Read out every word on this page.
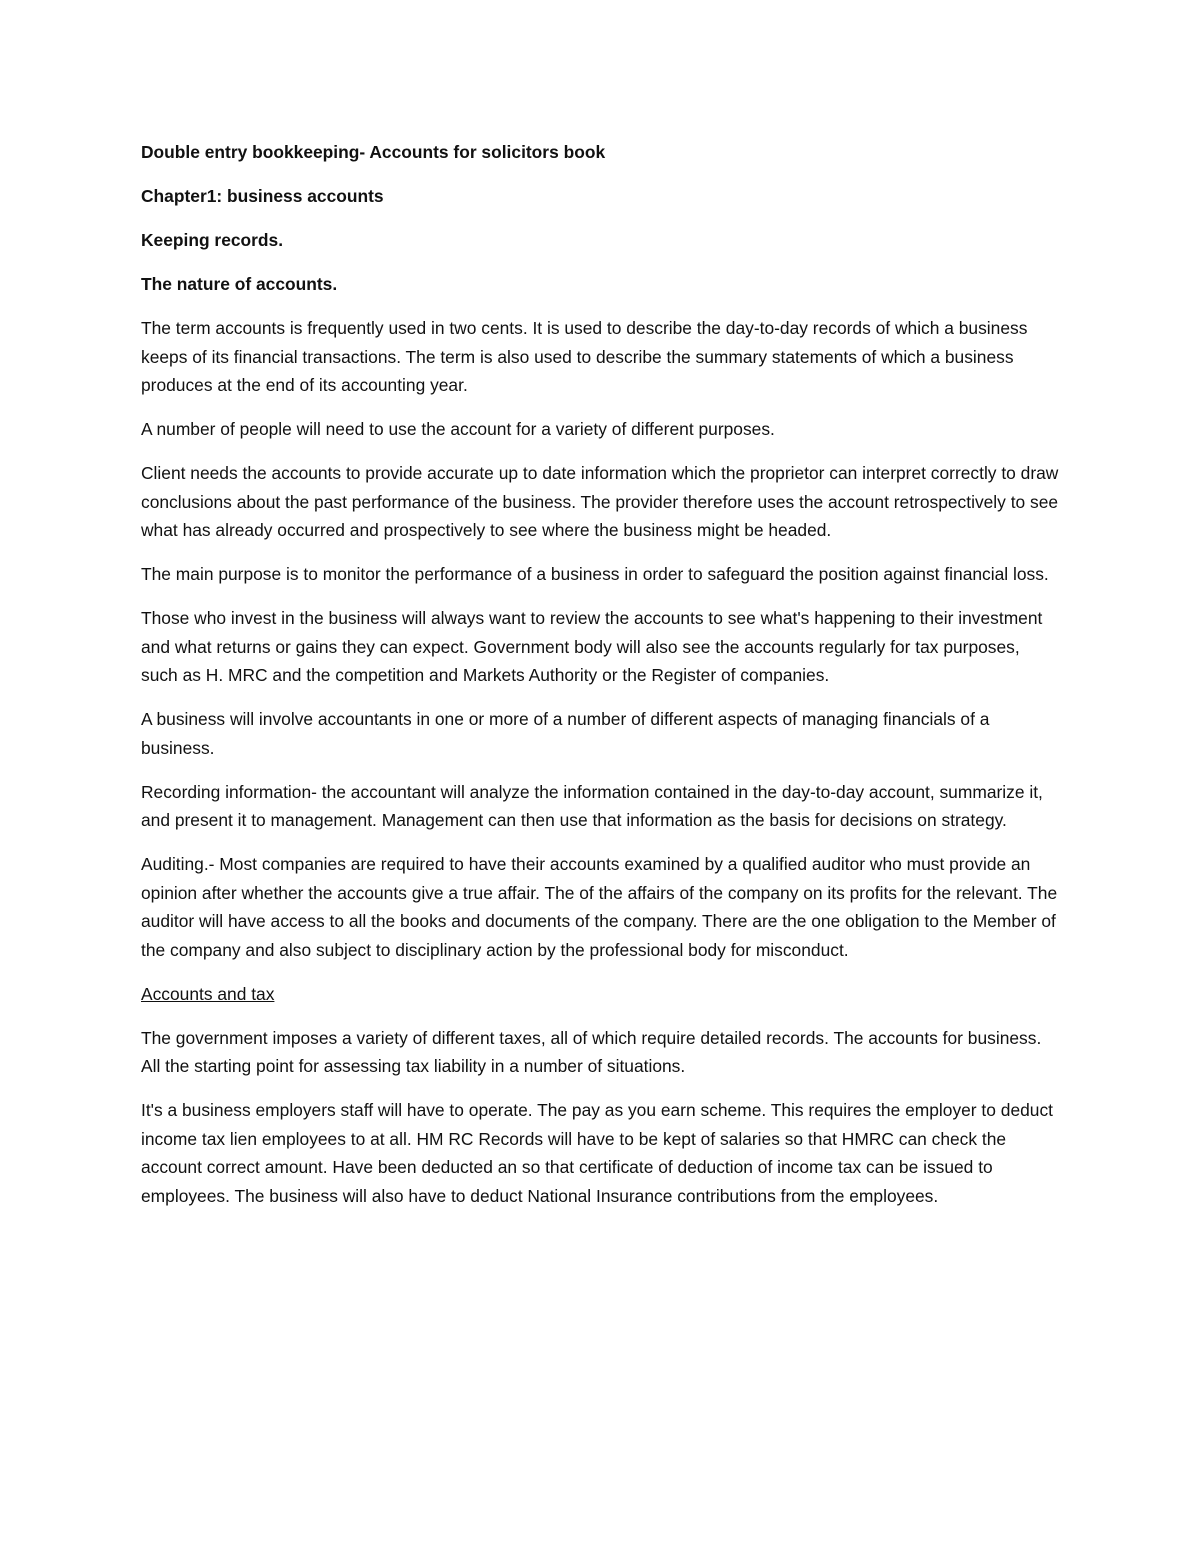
Double entry bookkeeping- Accounts for solicitors book

Chapter1: business accounts

Keeping records.

The nature of accounts.

The term accounts is frequently used in two cents. It is used to describe the day-to-day records of which a business keeps of its financial transactions. The term is also used to describe the summary statements of which a business produces at the end of its accounting year.

A number of people will need to use the account for a variety of different purposes.

Client needs the accounts to provide accurate up to date information which the proprietor can interpret correctly to draw conclusions about the past performance of the business. The provider therefore uses the account retrospectively to see what has already occurred and prospectively to see where the business might be headed.

The main purpose is to monitor the performance of a business in order to safeguard the position against financial loss.

Those who invest in the business will always want to review the accounts to see what's happening to their investment and what returns or gains they can expect. Government body will also see the accounts regularly for tax purposes, such as H. MRC and the competition and Markets Authority or the Register of companies.

A business will involve accountants in one or more of a number of different aspects of managing financials of a business.

Recording information- the accountant will analyze the information contained in the day-to-day account, summarize it, and present it to management. Management can then use that information as the basis for decisions on strategy.

Auditing.- Most companies are required to have their accounts examined by a qualified auditor who must provide an opinion after whether the accounts give a true affair. The of the affairs of the company on its profits for the relevant. The auditor will have access to all the books and documents of the company. There are the one obligation to the Member of the company and also subject to disciplinary action by the professional body for misconduct.

Accounts and tax

The government imposes a variety of different taxes, all of which require detailed records. The accounts for business. All the starting point for assessing tax liability in a number of situations.

It's a business employers staff will have to operate. The pay as you earn scheme. This requires the employer to deduct income tax lien employees to at all. HM RC Records will have to be kept of salaries so that HMRC can check the account correct amount. Have been deducted an so that certificate of deduction of income tax can be issued to employees. The business will also have to deduct National Insurance contributions from the employees.
